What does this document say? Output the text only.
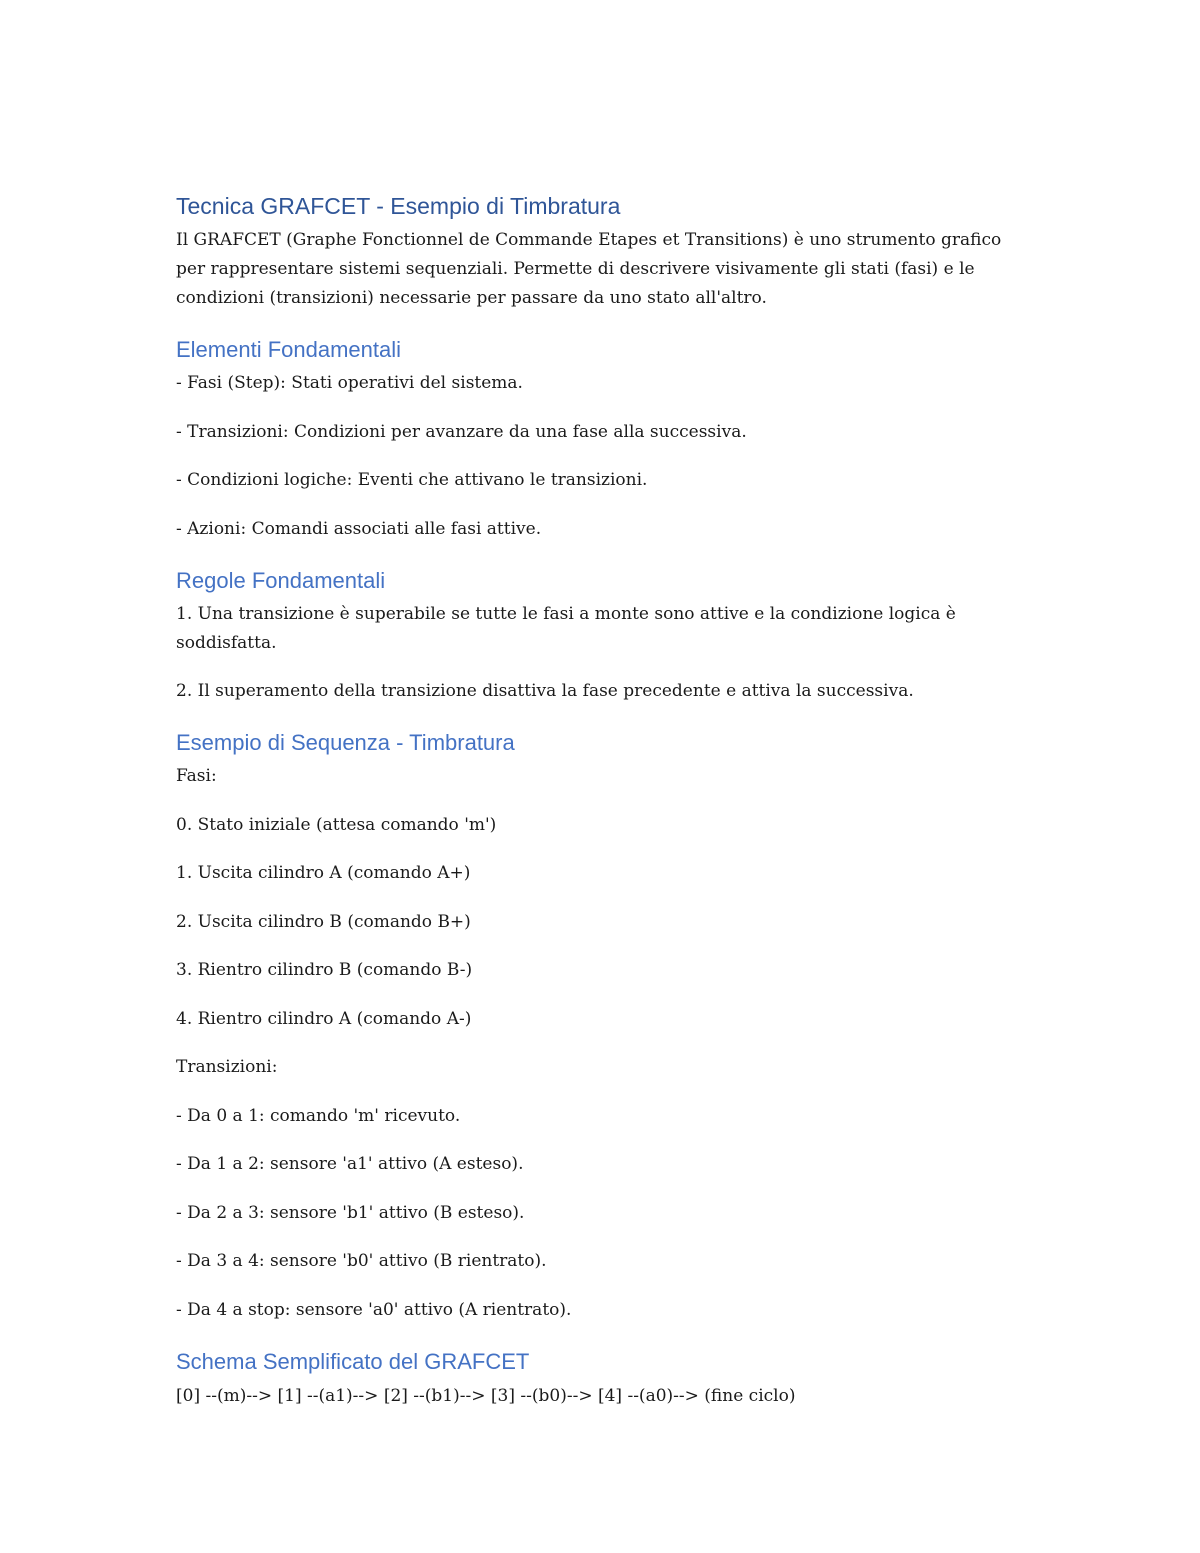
Tecnica GRAFCET - Esempio di Timbratura

Il GRAFCET (Graphe Fonctionnel de Commande Etapes et Transitions) è uno strumento grafico per rappresentare sistemi sequenziali. Permette di descrivere visivamente gli stati (fasi) e le condizioni (transizioni) necessarie per passare da uno stato all'altro.

Elementi Fondamentali

- Fasi (Step): Stati operativi del sistema.

- Transizioni: Condizioni per avanzare da una fase alla successiva.

- Condizioni logiche: Eventi che attivano le transizioni.

- Azioni: Comandi associati alle fasi attive.

Regole Fondamentali

1. Una transizione è superabile se tutte le fasi a monte sono attive e la condizione logica è soddisfatta.

2. Il superamento della transizione disattiva la fase precedente e attiva la successiva.

Esempio di Sequenza - Timbratura

Fasi:

0. Stato iniziale (attesa comando 'm')

1. Uscita cilindro A (comando A+)

2. Uscita cilindro B (comando B+)

3. Rientro cilindro B (comando B-)

4. Rientro cilindro A (comando A-)

Transizioni:

- Da 0 a 1: comando 'm' ricevuto.

- Da 1 a 2: sensore 'a1' attivo (A esteso).

- Da 2 a 3: sensore 'b1' attivo (B esteso).

- Da 3 a 4: sensore 'b0' attivo (B rientrato).

- Da 4 a stop: sensore 'a0' attivo (A rientrato).

Schema Semplificato del GRAFCET

[0] --(m)--> [1] --(a1)--> [2] --(b1)--> [3] --(b0)--> [4] --(a0)--> (fine ciclo)
